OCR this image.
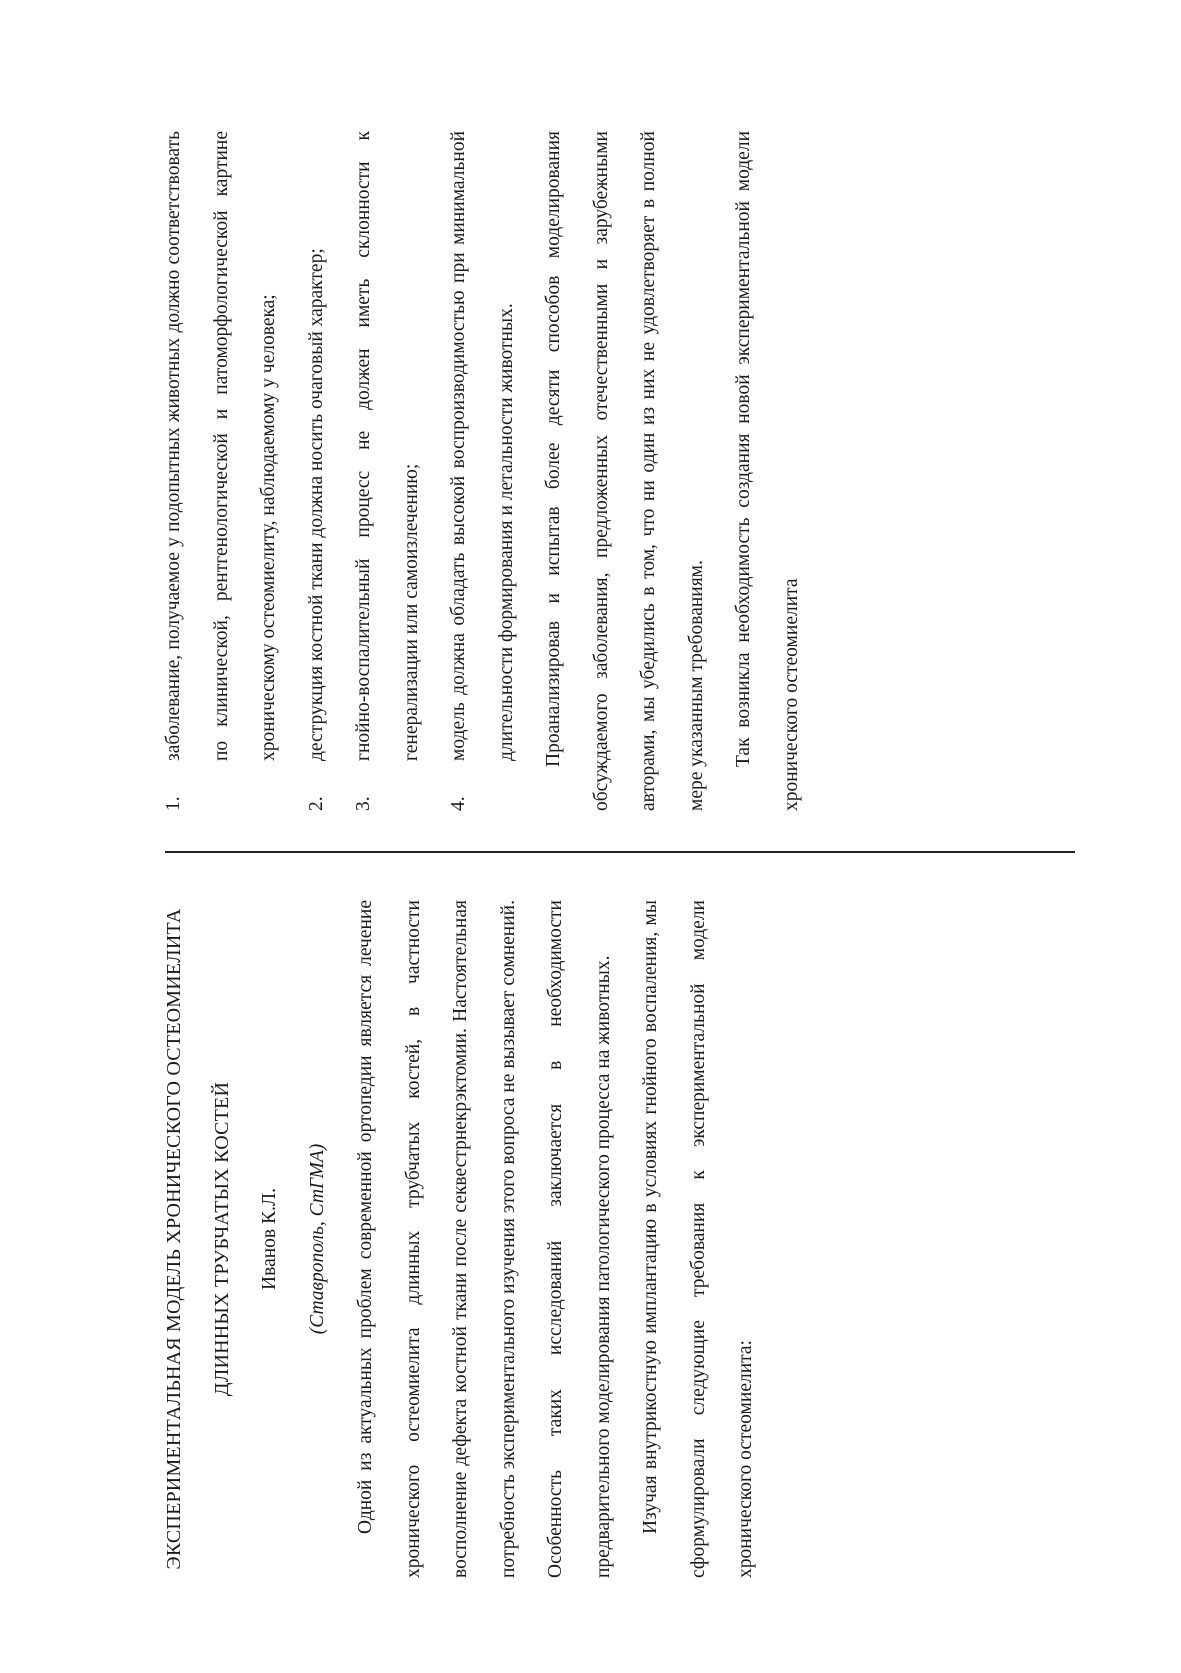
ЭКСПЕРИМЕНТАЛЬНАЯ МОДЕЛЬ ХРОНИЧЕСКОГО ОСТЕОМИЕЛИТА ДЛИННЫХ ТРУБЧАТЫХ КОСТЕЙ	Иванов К.Л.	(Ставрополь, СтГМА)	Одной из актуальных проблем современной ортопедии является лечение хронического остеомиелита длинных трубчатых костей, в частности восполнение дефекта костной ткани после секвестрнекрэктомии. Настоятельная потребность экспериментального изучения этого вопроса не вызывает сомнений. Особенность таких исследований заключается в необходимости предварительного моделирования патологического процесса на животных.	Изучая внутрикостную имплантацию в условиях гнойного воспаления, мы сформулировали следующие требования к экспериментальной модели хронического остеомиелита:

1.
заболевание, получаемое у подопытных животных должно соответствовать по клинической, рентгенологической и патоморфологической картине хроническому остеомиелиту, наблюдаемому у человека;
2.
деструкция костной ткани должна носить очаговый характер;
3.
гнойно-воспалительный процесс не должен иметь склонности к генерализации или самоизлечению;
4.
модель должна обладать высокой воспроизводимостью при минимальной длительности формирования и летальности животных.	Проанализировав и испытав более десяти способов моделирования обсуждаемого заболевания, предложенных отечественными и зарубежными авторами, мы убедились в том, что ни один из них не удовлетворяет в полной мере указанным требованиям.	Так возникла необходимость создания новой экспериментальной модели хронического остеомиелита
